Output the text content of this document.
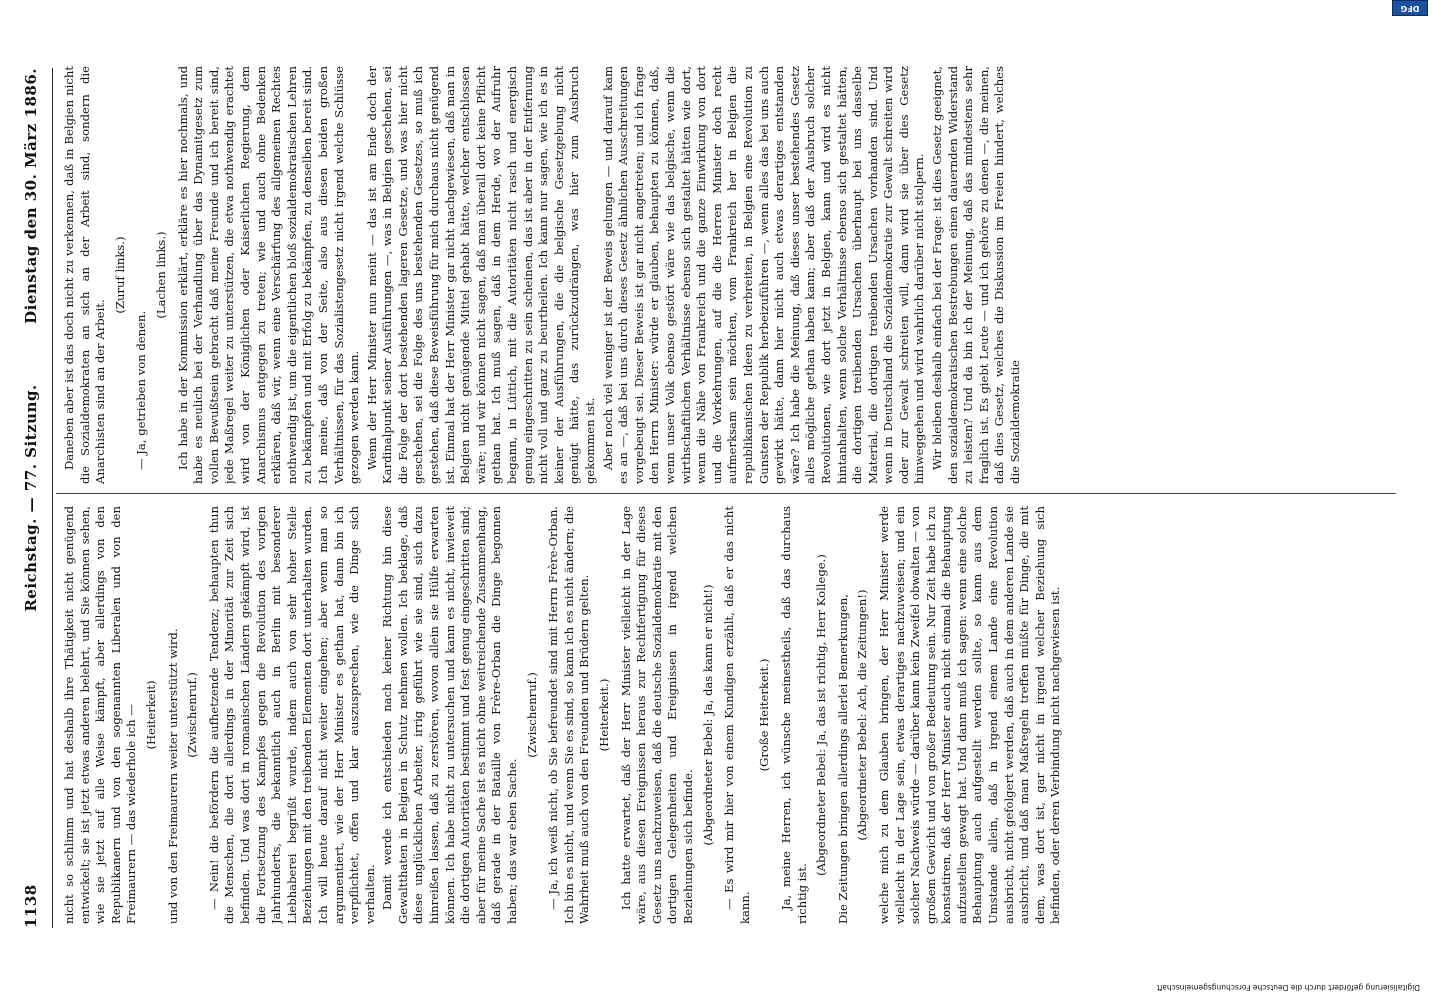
1138
Reichstag. — 77. Sitzung.
Dienstag den 30. März 1886.

nicht so schlimm und hat deshalb ihre Thätigkeit nicht genügend entwickelt; sie ist jetzt etwas anderen belehrt, und Sie können sehen, wie sie jetzt auf alle Weise kämpft, aber allerdings von den Republikanern und von den sogenannten Liberalen und von den Freimaurern — das wiederhole ich — (Heiterkeit) und von den Freimaurern weiter unterstützt wird. (Zwischenruf.) — Nein! die befördern die aufhetzende Tendenz; behaupten thun die Menschen, die dort allerdings in der Minorität zur Zeit sich befinden. Und was dort in romanischen Ländern gekämpft wird, ist die Fortsetzung des Kampfes gegen die Revolution des vorigen Jahrhunderts, die bekanntlich auch in Berlin mit besonderer Liebhaberei begrüßt wurde, indem auch von sehr hoher Stelle Beziehungen mit den treibenden Elementen dort unterhalten wurden. Ich will heute darauf nicht weiter eingehen; aber wenn man so argumentiert, wie der Herr Minister es gethan hat, dann bin ich verpflichtet, offen und klar auszusprechen, wie die Dinge sich verhalten. Damit werde ich entschieden nach keiner Richtung hin diese Gewaltthaten in Belgien in Schutz nehmen wollen. Ich beklage, daß diese unglücklichen Arbeiter, irrig geführt wie sie sind, sich dazu hinreißen lassen, daß zu zerstören, wovon allein sie Hülfe erwarten können. Ich habe nicht zu untersuchen und kann es nicht, inwieweit die dortigen Autoritäten bestimmt und fest genug eingeschritten sind; aber für meine Sache ist es nicht ohne weitreichende Zusammenhang, daß gerade in der Bataille von Frère-Orban die Dinge begonnen haben; das war eben Sache.

(Zwischenruf.) — Ja, ich weiß nicht, ob Sie befreundet sind mit Herrn Frère-Orban. Ich bin es nicht, und wenn Sie es sind, so kann ich es nicht ändern; die Wahrheit muß auch von den Freunden und Brüdern gelten. (Heiterkeit.) Ich hatte erwartet, daß der Herr Minister vielleicht in der Lage wäre, aus diesen Ereignissen heraus zur Rechtfertigung für dieses Gesetz uns nachzuweisen, daß die deutsche Sozialdemokratie mit den dortigen Gelegenheiten und Ereignissen in irgend welchen Beziehungen sich befinde.

(Abgeordneter Bebel: Ja, das kann er nicht!) — Es wird mir hier von einem Kundigen erzählt, daß er das nicht kann.

(Große Heiterkeit.) Ja, meine Herren, ich wünsche meinestheils, daß das durchaus richtig ist.

(Abgeordneter Bebel: Ja, das ist richtig, Herr Kollege.) Die Zeitungen bringen allerdings allerlei Bemerkungen, (Abgeordneter Bebel: Ach, die Zeitungen!) welche mich zu dem Glauben bringen, der Herr Minister werde vielleicht in der Lage sein, etwas derartiges nachzuweisen; und ein solcher Nachweis würde — darüber kann kein Zweifel obwalten — von großem Gewicht und von großer Bedeutung sein. Nur Zeit habe ich zu konstatiren, daß der Herr Minister auch nicht einmal die Behauptung aufzustellen gewagt hat. Und dann muß ich sagen: wenn eine solche Behauptung auch aufgestellt werden sollte, so kann aus dem Umstande allein, daß in irgend einem Lande eine Revolution ausbricht, nicht gefolgert werden, daß auch in dem anderen Lande sie ausbricht, und daß man Maßregeln treffen müßte für Dinge, die mit dem, was dort ist, gar nicht in irgend welcher Beziehung sich befinden, oder deren Verbindung nicht nachgewiesen ist.

Daneben aber ist das doch nicht zu verkennen, daß in Belgien nicht die Sozialdemokraten an sich an der Arbeit sind, sondern die Anarchisten sind an der Arbeit.

(Zuruf links.)

— Ja, getrieben von denen.

(Lachen links.) Ich habe in der Kommission erklärt, erkläre es hier nochmals, und habe es neulich bei der Verhandlung über das Dynamitgesetz zum vollen Bewußtsein gebracht daß meine Freunde und ich bereit sind, jede Maßregel weiter zu unterstützen, die etwa nothwendig erachtet wird von der Königlichen oder Kaiserlichen Regierung, dem Anarchismus entgegen zu treten; wie und auch ohne Bedenken erklären, daß wir, wenn eine Verschärfung des allgemeinen Rechtes nothwendig ist, um die eigentlichen bloß sozialdemokratischen Lehren zu bekämpfen und mit Erfolg zu bekämpfen, zu denselben bereit sind. Ich meine, daß von der Seite, also aus diesen beiden großen Verhältnissen, für das Sozialistengesetz nicht irgend welche Schlüsse gezogen werden kann. Wenn der Herr Minister nun meint — das ist am Ende doch der Kardinalpunkt seiner Ausführungen —, was in Belgien geschehen, sei die Folge der dort bestehenden lageren Gesetze, und was hier nicht geschehen, sei die Folge des uns bestehenden Gesetzes, so muß ich gestehen, daß diese Beweisführung für mich durchaus nicht genügend ist. Einmal hat der Herr Minister gar nicht nachgewiesen, daß man in Belgien nicht genügende Mittel gehabt hätte, welcher entschlossen wäre; und wir können nicht sagen, daß man überall dort keine Pflicht gethan hat. Ich muß sagen, daß in dem Herde, wo der Aufruhr begann, in Lüttich, mit die Autoritäten nicht rasch und energisch genug eingeschritten zu sein scheinen, das ist aber in der Entfernung nicht voll und ganz zu beurtheilen. Ich kann nur sagen, wie ich es in keiner der Ausführungen, die die belgische Gesetzgebung nicht genügt hätte, das zurückzudrängen, was hier zum Ausbruch gekommen ist. Aber noch viel weniger ist der Beweis gelungen — und darauf kam es an —, daß bei uns durch dieses Gesetz ähnlichen Ausschreitungen vorgebeugt sei. Dieser Beweis ist gar nicht angetreten; und ich frage den Herrn Minister: würde er glauben, behaupten zu können, daß, wenn unser Volk ebenso gestört wäre wie das belgische, wenn die wirthschaftlichen Verhältnisse ebenso sich gestaltet hätten wie dort, wenn die Nähe von Frankreich und die ganze Einwirkung von dort und die Vorkehrungen, auf die die Herren Minister doch recht aufmerksam sein möchten, vom Frankreich her in Belgien die republikanischen Ideen zu verbreiten, in Belgien eine Revolution zu Gunsten der Republik herbeizuführen —, wenn alles das bei uns auch gewirkt hätte, dann hier nicht auch etwas derartiges entstanden wäre? Ich habe die Meinung, daß dieses unser bestehendes Gesetz alles mögliche gethan haben kann; aber daß der Ausbruch solcher Revolutionen, wie dort jetzt in Belgien, kann und wird es nicht hintanhalten, wenn solche Verhältnisse ebenso sich gestaltet hätten, die dortigen treibenden Ursachen überhaupt bei uns dasselbe Material, die dortigen treibenden Ursachen vorhanden sind. Und wenn in Deutschland die Sozialdemokratie zur Gewalt schreiten wird oder zur Gewalt schreiten will, dann wird sie über dies Gesetz hinweggehen und wird wahrlich darüber nicht stolpern. Wir bleiben deshalb einfach bei der Frage: ist dies Gesetz geeignet, den sozialdemokratischen Bestrebungen einen dauernden Widerstand zu leisten? Und da bin ich der Meinung, daß das mindestens sehr fraglich ist. Es giebt Leute — und ich gehöre zu denen —, die meinen, daß dies Gesetz, welches die Diskussion im Freien hindert, welches die Sozialdemokratie

Digitalisierung gefördert durch die Deutsche Forschungsgemeinschaft
DFG
